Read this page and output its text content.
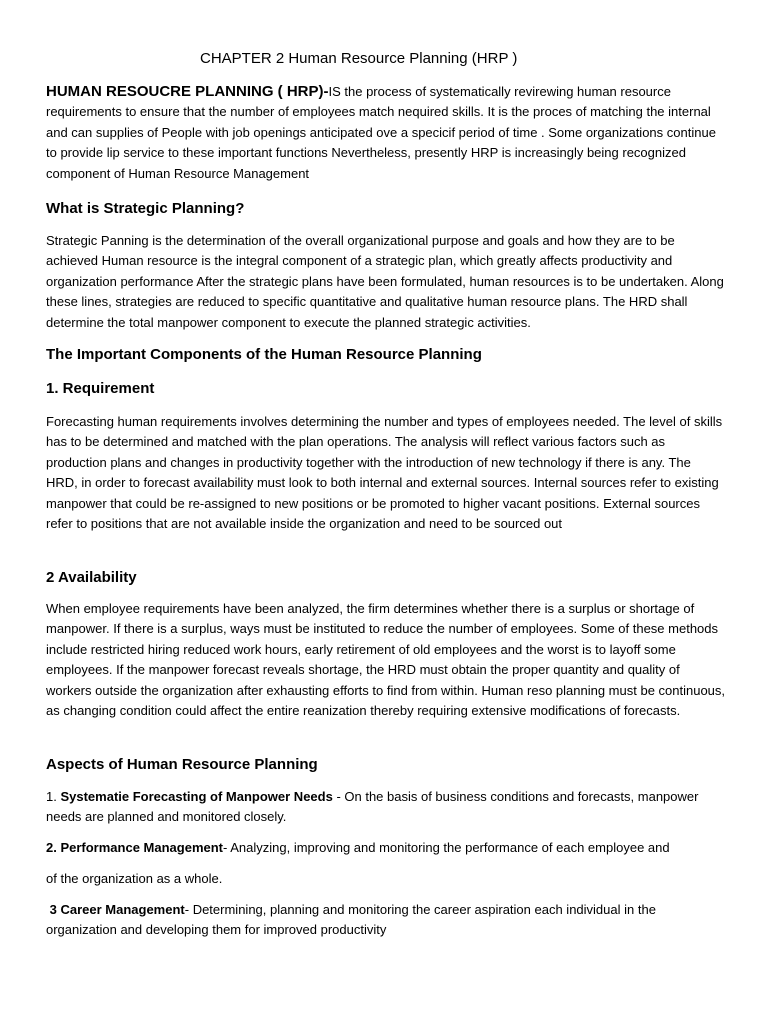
CHAPTER 2 Human Resource Planning (HRP )
HUMAN RESOUCRE PLANNING ( HRP)-IS the process of systematically revirewing human resource requirements to ensure that the number of employees match nequired skills. It is the proces of matching the internal and can supplies of People with job openings anticipated ove a specicif period of time . Some organizations continue to provide lip service to these important functions Nevertheless, presently HRP is increasingly being recognized component of Human Resource Management
What is Strategic Planning?
Strategic Panning is the determination of the overall organizational purpose and goals and how they are to be achieved Human resource is the integral component of a strategic plan, which greatly affects productivity and organization performance After the strategic plans have been formulated, human resources is to be undertaken. Along these lines, strategies are reduced to specific quantitative and qualitative human resource plans. The HRD shall determine the total manpower component to execute the planned strategic activities.
The Important Components of the Human Resource Planning
1. Requirement
Forecasting human requirements involves determining the number and types of employees needed. The level of skills has to be determined and matched with the plan operations. The analysis will reflect various factors such as production plans and changes in productivity together with the introduction of new technology if there is any. The HRD, in order to forecast availability must look to both internal and external sources. Internal sources refer to existing manpower that could be re-assigned to new positions or be promoted to higher vacant positions. External sources refer to positions that are not available inside the organization and need to be sourced out
2 Availability
When employee requirements have been analyzed, the firm determines whether there is a surplus or shortage of manpower. If there is a surplus, ways must be instituted to reduce the number of employees. Some of these methods include restricted hiring reduced work hours, early retirement of old employees and the worst is to layoff some employees. If the manpower forecast reveals shortage, the HRD must obtain the proper quantity and quality of workers outside the organization after exhausting efforts to find from within. Human reso planning must be continuous, as changing condition could affect the entire reanization thereby requiring extensive modifications of forecasts.
Aspects of Human Resource Planning
1. Systematie Forecasting of Manpower Needs - On the basis of business conditions and forecasts, manpower needs are planned and monitored closely.
2. Performance Management- Analyzing, improving and monitoring the performance of each employee and
of the organization as a whole.
3 Career Management- Determining, planning and monitoring the career aspiration each individual in the organization and developing them for improved productivity
